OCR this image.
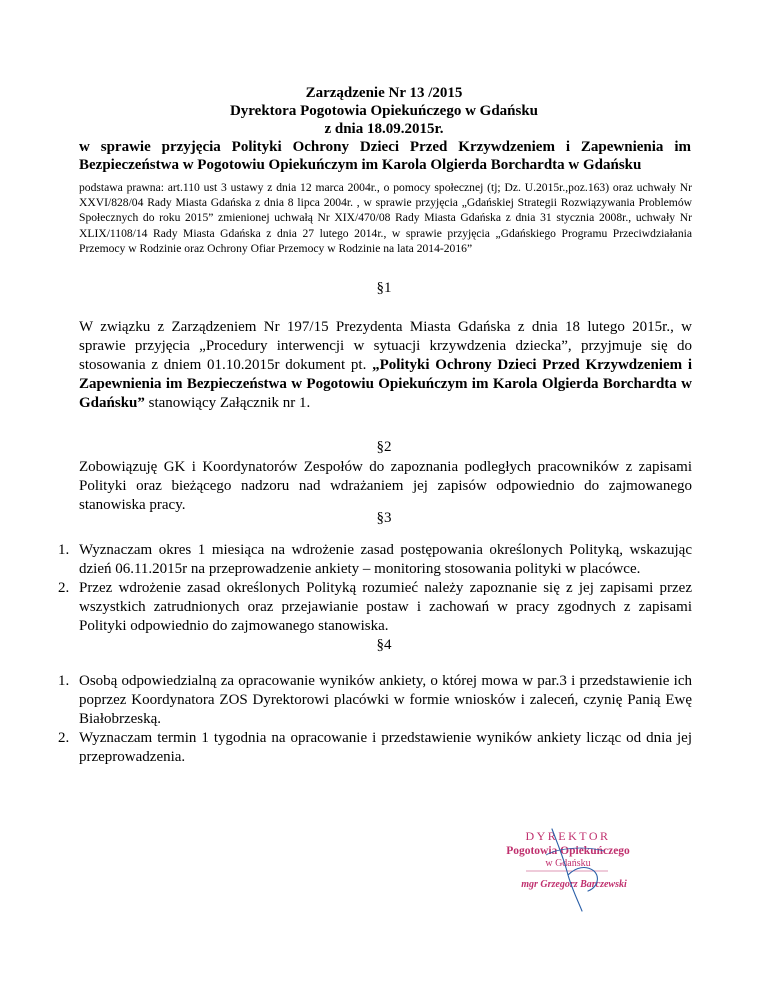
Zarządzenie Nr 13 /2015
Dyrektora Pogotowia Opiekuńczego w Gdańsku
z dnia 18.09.2015r.
w sprawie przyjęcia Polityki Ochrony Dzieci Przed Krzywdzeniem i Zapewnienia im Bezpieczeństwa w Pogotowiu Opiekuńczym im Karola Olgierda Borchardta w Gdańsku
podstawa prawna: art.110 ust 3 ustawy z dnia 12 marca 2004r., o pomocy społecznej (tj; Dz. U.2015r.,poz.163) oraz uchwały Nr XXVI/828/04 Rady Miasta Gdańska z dnia 8 lipca 2004r. , w sprawie przyjęcia „Gdańskiej Strategii Rozwiązywania Problemów Społecznych do roku 2015” zmienionej uchwałą Nr XIX/470/08 Rady Miasta Gdańska z dnia 31 stycznia 2008r., uchwały Nr XLIX/1108/14 Rady Miasta Gdańska z dnia 27 lutego 2014r., w sprawie przyjęcia „Gdańskiego Programu Przeciwdziałania Przemocy w Rodzinie oraz Ochrony Ofiar Przemocy w Rodzinie na lata 2014-2016”
§1
W związku z Zarządzeniem Nr 197/15 Prezydenta Miasta Gdańska z dnia 18 lutego 2015r., w sprawie przyjęcia „Procedury interwencji w sytuacji krzywdzenia dziecka”, przyjmuje się do stosowania z dniem 01.10.2015r dokument pt. „Polityki Ochrony Dzieci Przed Krzywdzeniem i Zapewnienia im Bezpieczeństwa w Pogotowiu Opiekuńczym im Karola Olgierda Borchardta w Gdańsku” stanowiący Załącznik nr 1.
§2
Zobowiązuję GK i Koordynatorów Zespołów do zapoznania podległych pracowników z zapisami Polityki oraz bieżącego nadzoru nad wdrażaniem jej zapisów odpowiednio do zajmowanego stanowiska pracy.
§3
1. Wyznaczam okres 1 miesiąca na wdrożenie zasad postępowania określonych Polityką, wskazując dzień 06.11.2015r na przeprowadzenie ankiety – monitoring stosowania polityki w placówce.
2. Przez wdrożenie zasad określonych Polityką rozumieć należy zapoznanie się z jej zapisami przez wszystkich zatrudnionych oraz przejawianie postaw i zachowań w pracy zgodnych z zapisami Polityki odpowiednio do zajmowanego stanowiska.
§4
1. Osobą odpowiedzialną za opracowanie wyników ankiety, o której mowa w par.3 i przedstawienie ich poprzez Koordynatora ZOS Dyrektorowi placówki w formie wniosków i zaleceń, czynię Panią Ewę Białobrzeską.
2. Wyznaczam termin 1 tygodnia na opracowanie i przedstawienie wyników ankiety licząc od dnia jej przeprowadzenia.
DYREKTOR
Pogotowia Opiekuńczego
w Gdańsku
mgr Grzegorz Barczewski
